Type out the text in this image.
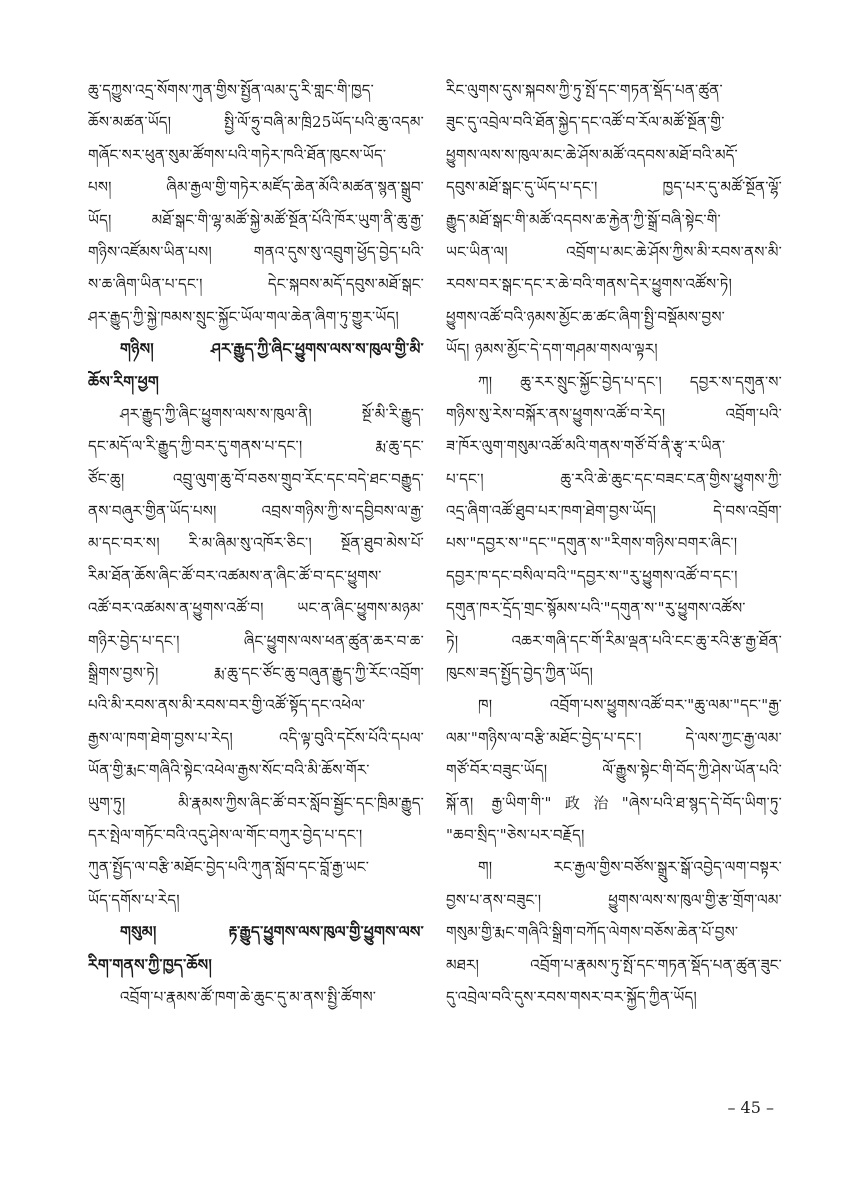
ཆུ་དཀྱུས་འདྲ་སོགས་ཀུན་གྱིས་སྤྱོན་ལམ་དུ་རི་གླང་གི་ཁྱད་
ཆོས་མཚན་ཡོད། སྤྱི་ལོ་ཧྲུ་བཞི་མ་ཁྲི25ཡོད་པའི་ཆུ་འདམ་
གཞོང་སར་ཕུན་སུམ་ཚོགས་པའི་གཏེར་ཁའི་ཐོན་ཁུངས་ཡོད་
པས། ཞིམ་རྒྱལ་གྱི་གཏེར་མཛོད་ཆེན་མོའི་མཚན་སྙན་སྒྲུབ་
ཡོད། མཐོ་སྒང་གི་ལྷ་མཚོ་སྐྱེ་མཚོ་སྔོན་པོའི་ཁོར་ཡུག་ནི་ཆུ་རྒྱ་
གཉིས་འཛོམས་ཡིན་པས། གནའ་དུས་སུ་འབྲུག་ཕྱོད་བྱེད་པའི་
ས་ཆ་ཞིག་ཡིན་པ་དང་། དེང་སྐབས་མདོ་དབུས་མཐོ་སྒང་
ཤར་རྒྱུད་ཀྱི་སྐྱེ་ཁམས་སྲུང་སྐྱོང་ཡོལ་གལ་ཆེན་ཞིག་ཏུ་གྱུར་ཡོད།
གཉིས། ཤར་རྒྱུད་ཀྱི་ཞིང་ཕྱུགས་ལས་ས་ཁུལ་གྱི་མི་
ཆོས་རིག་ཕྱག
ཤར་རྒྱུད་ཀྱི་ཞིང་ཕྱུགས་ལས་ས་ཁུལ་ནི། སྔོ་མི་རི་རྒྱུད་
དང་མདོ་ལ་རི་རྒྱུད་ཀྱི་བར་དུ་གནས་པ་དང་། རྨ་ཆུ་དང་
ཙོང་ཆུ། འབྲུ་ལུག་ཆུ་བོ་བཅས་གྲུབ་རོང་དང་བདེ་ཐང་བརྒྱུད་
ནས་བཞུར་གྱིན་ཡོད་པས། འབྲས་གཉིས་ཀྱི་ས་དབྱིབས་ལ་རྒྱ་
མ་དང་བར་ས། རི་མ་ཞིམ་སུ་འཁོར་ཅིང་། སྔོན་ཐུབ་མེས་པོ་
རིམ་ཐོན་ཆོས་ཞིང་ཚོ་བར་འཚམས་ན་ཞིང་ཚོ་བ་དང་ཕྱུགས་
འཚོ་བར་འཚམས་ན་ཕྱུགས་འཚོ་བ། ཡང་ན་ཞིང་ཕྱུགས་མཉམ་
གཉིར་བྱེད་པ་དང་། ཞིང་ཕྱུགས་ལས་ཕན་ཚུན་ཆར་བ་ཆ་
སྒྲིགས་བྱས་ཏེ། རྨ་ཆུ་དང་ཙོང་ཆུ་བཞུན་རྒྱུད་ཀྱི་རོང་འབྲོག་
པའི་མི་རབས་ནས་མི་རབས་བར་གྱི་འཚོ་སྟོད་དང་འཕེལ་
རྒྱས་ལ་ཁག་ཐེག་བྱས་པ་རེད། འདི་ལྟ་བུའི་དངོས་པོའི་དཔལ་
ཡོན་གྱི་རྨང་གཞིའི་སྟེང་འཕེལ་རྒྱས་སོང་བའི་མི་ཆོས་གོར་
ཡུག་ཏུ། མི་རྣམས་ཀྱིས་ཞིང་ཚོ་བར་སློབ་སྦྱོང་དང་ཁྲིམ་རྒྱུད་
དར་སྤེལ་གཏོང་བའི་འདུ་ཤེས་ལ་གོང་བཀུར་བྱེད་པ་དང་།
ཀུན་སྤྱོད་ལ་བརྩི་མཐོང་བྱེད་པའི་ཀུན་སློབ་དང་བློ་རྒྱ་ཡང་
ཡོད་དགོས་པ་རེད།
གསུམ། རྟ་རྒྱུད་ཕྱུགས་ལས་ཁུལ་གྱི་ཕྱུགས་ལས་
རིག་གནས་ཀྱི་ཁྱད་ཆོས།
འབྲོག་པ་རྣམས་ཚོ་ཁག་ཆེ་ཆུང་དུ་མ་ནས་སྤྱི་ཚོགས་
རིང་ལུགས་དུས་སྐབས་ཀྱི་ཏུ་སྤོ་དང་གཏན་སྡོད་པན་ཚུན་
ཟུང་དུ་འབྲེལ་བའི་ཐོན་སྐྱེད་དང་འཚོ་བ་རོལ་མཚོ་སྔོན་གྱི་
ཕྱུགས་ལས་ས་ཁུལ་མང་ཆེ་ཤོས་མཚོ་འདབས་མཐོ་བའི་མདོ་
དབུས་མཐོ་སྒང་དུ་ཡོད་པ་དང་། ཁྱད་པར་དུ་མཚོ་སྔོན་ལྷོ་
རྒྱུད་མཐོ་སྒང་གི་མཚོ་འདབས་ཆ་རྐྱེན་ཀྱི་སྒྲོ་བཞི་སྟེང་གི་
ཡང་ཡིན་ལ། འབྲོག་པ་མང་ཆེ་ཤོས་ཀྱིས་མི་རབས་ནས་མི་
རབས་བར་སྒང་དང་ར་ཆེ་བའི་གནས་དེར་ཕྱུགས་འཚོས་ཏེ།
ཕྱུགས་འཚོ་བའི་ཉམས་མྱོང་ཆ་ཚང་ཞིག་སྤྱི་བསྡོམས་བྱས་
ཡོད། ཉམས་མྱོང་དེ་དག་གཤམ་གསལ་ལྟར།
ཀ། ཆུ་རར་སྲུང་སྐྱོང་བྱེད་པ་དང་། དབྱར་ས་དགུན་ས་
གཉིས་སུ་རེས་བསྐོར་ནས་ཕྱུགས་འཚོ་བ་རེད། འབྲོག་པའི་
ཟ་ཁོར་ལུག་གསུམ་འཚོ་མའི་གནས་གཙོ་བོ་ནི་རྩྭ་ར་ཡིན་
པ་དང་། ཆུ་རའི་ཆེ་ཆུང་དང་བཟང་ངན་གྱིས་ཕྱུགས་ཀྱི་
འདྲ་ཞིག་འཚོ་ཐུབ་པར་ཁག་ཐེག་བྱས་ཡོད། དེ་བས་འབྲོག་
པས་"དབྱར་ས་"དང་"དགུན་ས་"རིགས་གཉིས་བགར་ཞིང་།
དབྱར་ཁ་དང་བསིལ་བའི་"དབྱར་ས་"རུ་ཕྱུགས་འཚོ་བ་དང་།
དགུན་ཁར་དྲོད་གྲང་སྙོམས་པའི་"དགུན་ས་"རུ་ཕྱུགས་འཚོས་
ཏེ། འཆར་གཞི་དང་གོ་རིམ་ལྡན་པའི་ངང་ཆུ་རའི་རྩ་རྒྱ་ཐོན་
ཁུངས་ཟད་སྤྱོད་བྱེད་ཀྱིན་ཡོད།
ཁ། འབྲོག་པས་ཕྱུགས་འཚོ་བར་"ཆུ་ལམ་"དང་"རྒྱ་
ལམ་"གཉིས་ལ་བརྩི་མཐོང་བྱེད་པ་དང་། དེ་ལས་ཀྱང་རྒྱ་ལམ་
གཙོ་བོར་བཟུང་ཡོད། ལོ་རྒྱུས་སྟེང་གི་བོད་ཀྱི་ཤེས་ཡོན་པའི་
སྐོ་ན། རྒྱ་ཡིག་གི་"政治"ཞེས་པའི་ཐ་སྙད་དེ་བོད་ཡིག་ཏུ་
"ཆབ་སྲིད་"ཅེས་པར་བརྗོད།
ག། རང་རྒྱལ་གྱིས་བཙོས་སྒྲུར་སྒོ་འབྱེད་ལག་བསྟར་
བྱས་པ་ནས་བཟུང་། ཕྱུགས་ལས་ས་ཁུལ་གྱི་རྩ་གྲོག་ལམ་
གསུམ་གྱི་རྨང་གཞིའི་སྒྲིག་བཀོད་ལེགས་བཅོས་ཆེན་པོ་བྱས་
མཐར། འབྲོག་པ་རྣམས་ཏུ་སྤོ་དང་གཏན་སྡོད་པན་ཚུན་ཟུང་
དུ་འབྲེལ་བའི་དུས་རབས་གསར་བར་སྐྱོད་ཀྱིན་ཡོད།
– 45 –
